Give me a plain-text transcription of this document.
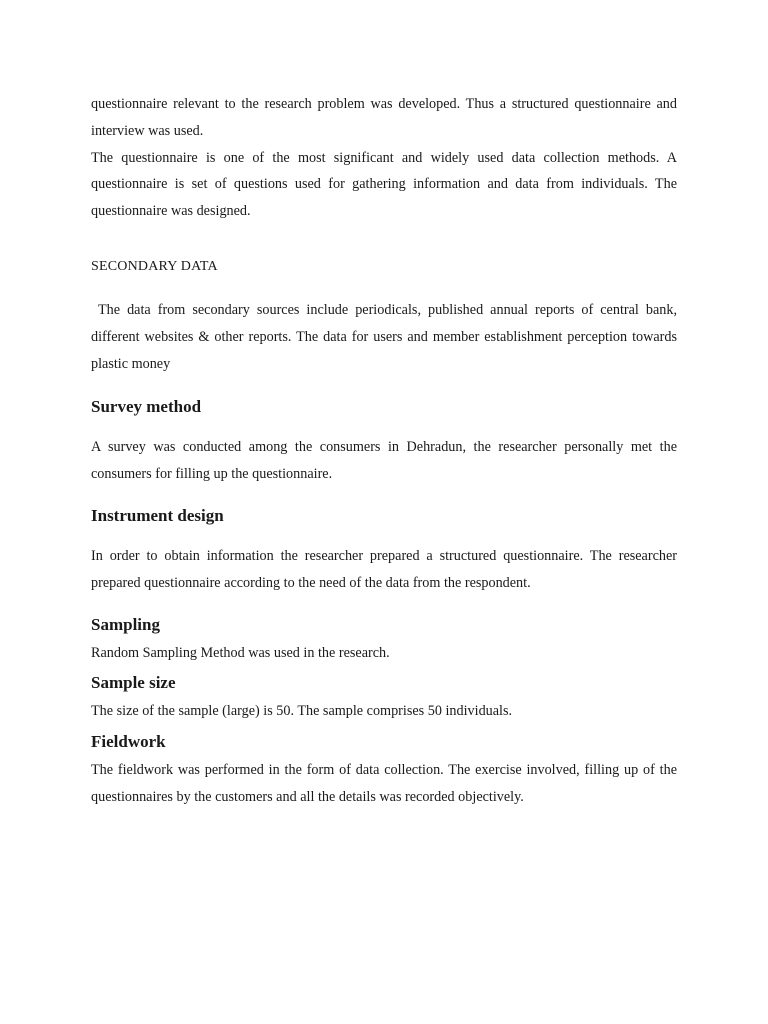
questionnaire relevant to the research problem was developed. Thus a structured questionnaire and interview was used.

The questionnaire is one of the most significant and widely used data collection methods. A questionnaire is set of questions used for gathering information and data from individuals. The questionnaire was designed.

SECONDARY DATA

The data from secondary sources include periodicals, published annual reports of central bank, different websites & other reports. The data for users and member establishment perception towards plastic money

Survey method

A survey was conducted among the consumers in Dehradun, the researcher personally met the consumers for filling up the questionnaire.

Instrument design

In order to obtain information the researcher prepared a structured questionnaire. The researcher prepared questionnaire according to the need of the data from the respondent.

Sampling

Random Sampling Method was used in the research.

Sample size

The size of the sample (large) is 50. The sample comprises 50 individuals.

Fieldwork

The fieldwork was performed in the form of data collection. The exercise involved, filling up of the questionnaires by the customers and all the details was recorded objectively.
